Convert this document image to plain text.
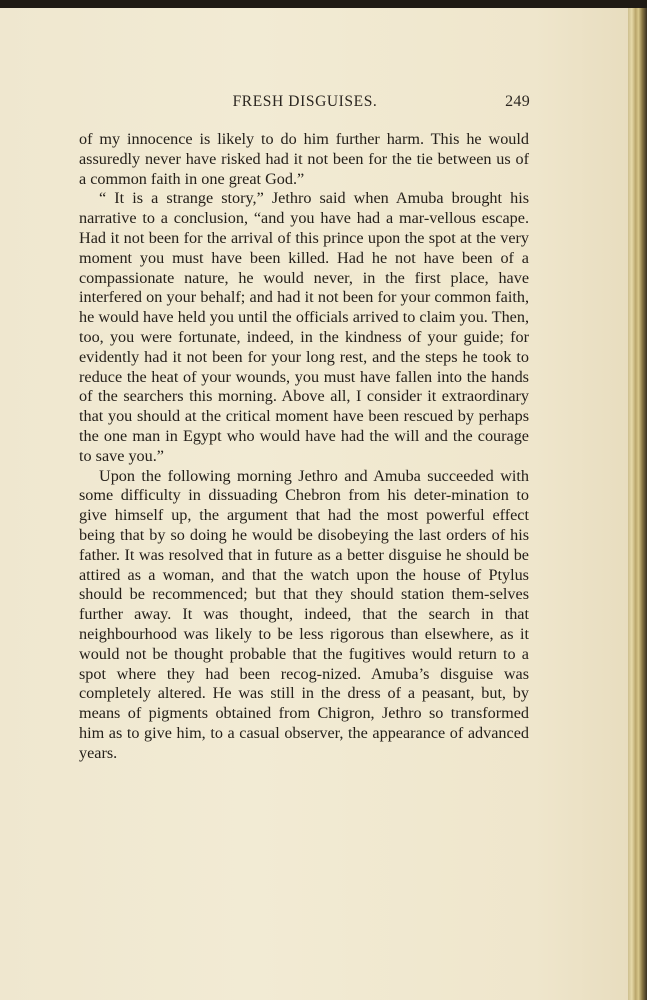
FRESH DISGUISES.	249

of my innocence is likely to do him further harm. This he would assuredly never have risked had it not been for the tie between us of a common faith in one great God.”

“ It is a strange story,” Jethro said when Amuba brought his narrative to a conclusion, “and you have had a mar-vellous escape. Had it not been for the arrival of this prince upon the spot at the very moment you must have been killed. Had he not have been of a compassionate nature, he would never, in the first place, have interfered on your behalf; and had it not been for your common faith, he would have held you until the officials arrived to claim you. Then, too, you were fortunate, indeed, in the kindness of your guide; for evidently had it not been for your long rest, and the steps he took to reduce the heat of your wounds, you must have fallen into the hands of the searchers this morning. Above all, I consider it extraordinary that you should at the critical moment have been rescued by perhaps the one man in Egypt who would have had the will and the courage to save you.”

Upon the following morning Jethro and Amuba succeeded with some difficulty in dissuading Chebron from his deter-mination to give himself up, the argument that had the most powerful effect being that by so doing he would be disobeying the last orders of his father. It was resolved that in future as a better disguise he should be attired as a woman, and that the watch upon the house of Ptylus should be recommenced; but that they should station them-selves further away. It was thought, indeed, that the search in that neighbourhood was likely to be less rigorous than elsewhere, as it would not be thought probable that the fugitives would return to a spot where they had been recog-nized. Amuba’s disguise was completely altered. He was still in the dress of a peasant, but, by means of pigments obtained from Chigron, Jethro so transformed him as to give him, to a casual observer, the appearance of advanced years.
